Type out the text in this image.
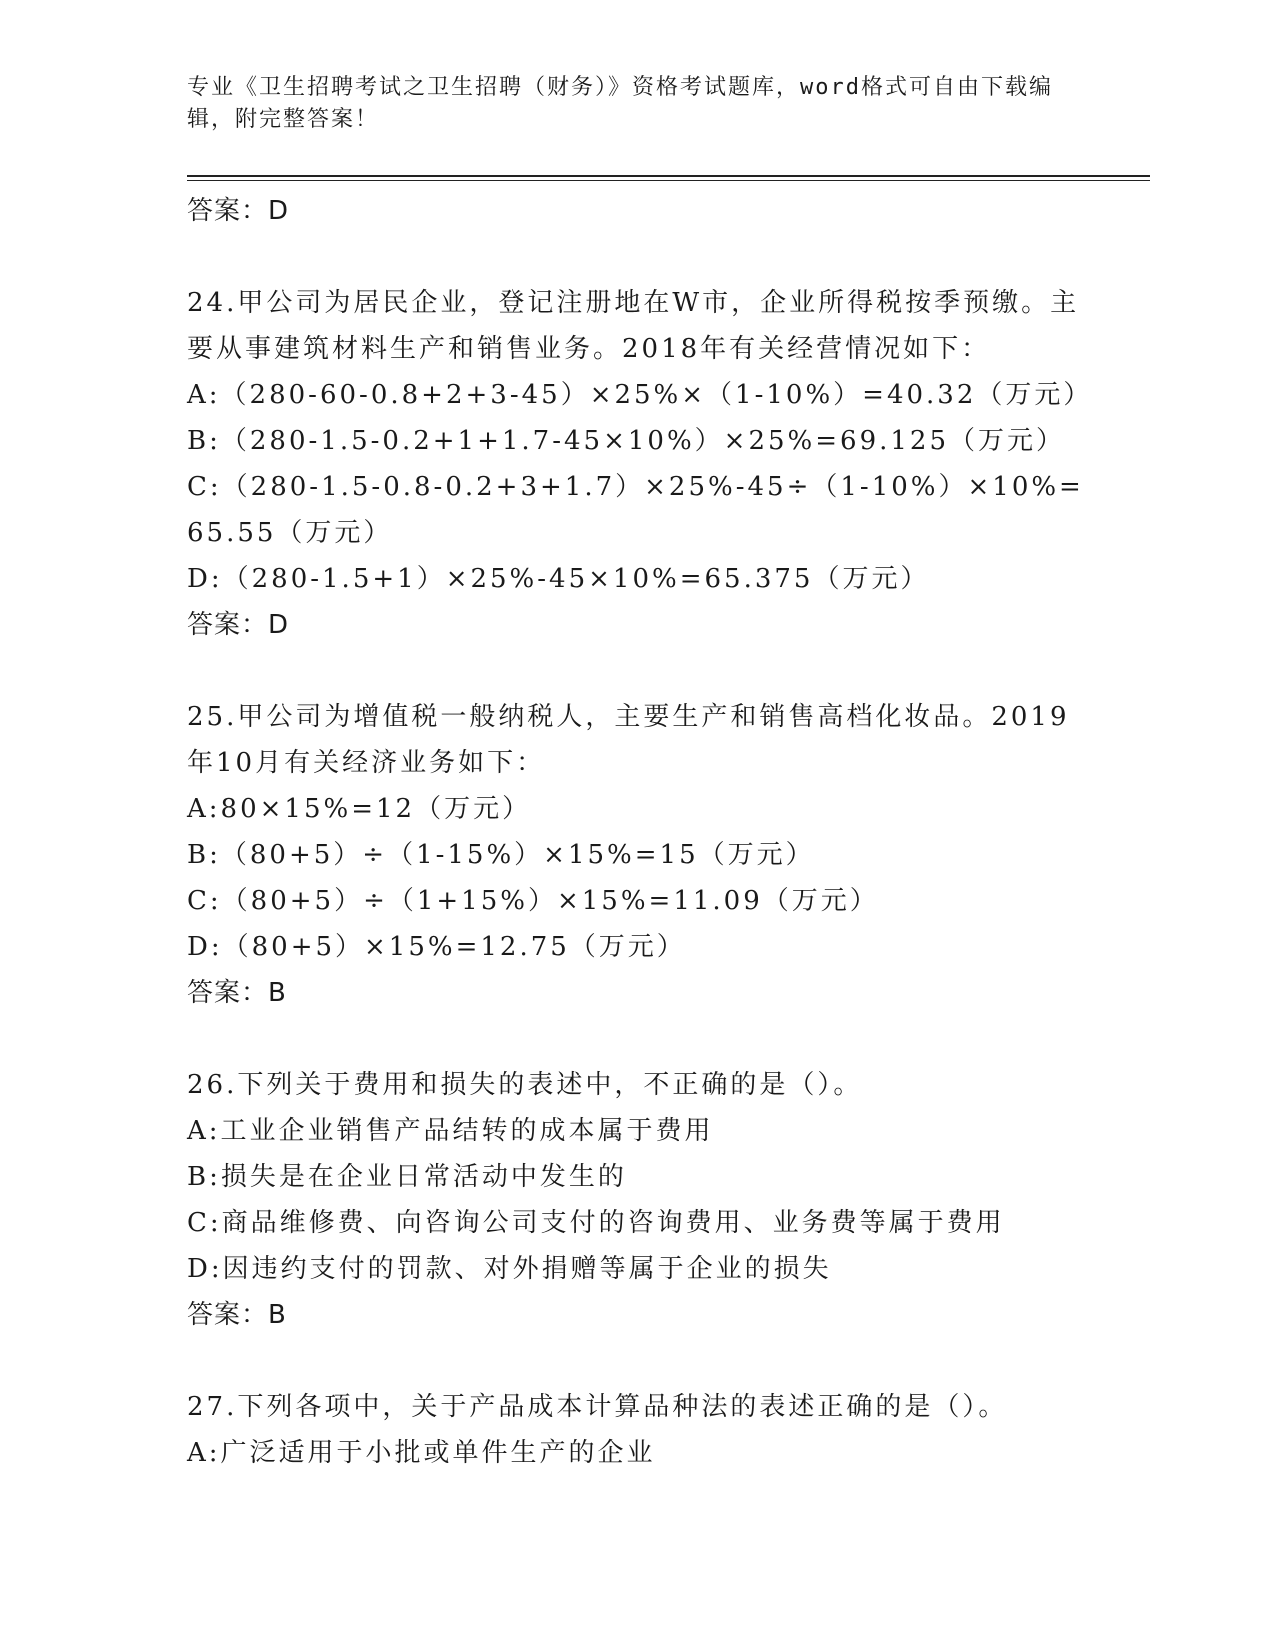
专业《卫生招聘考试之卫生招聘（财务）》资格考试题库，word格式可自由下载编辑，附完整答案！

答案：D

24.甲公司为居民企业，登记注册地在W市，企业所得税按季预缴。主要从事建筑材料生产和销售业务。2018年有关经营情况如下：

A:（280-60-0.8+2+3-45）×25%×（1-10%）=40.32（万元）

B:（280-1.5-0.2+1+1.7-45×10%）×25%=69.125（万元）

C:（280-1.5-0.8-0.2+3+1.7）×25%-45÷（1-10%）×10%=65.55（万元）

D:（280-1.5+1）×25%-45×10%=65.375（万元）

答案：D

25.甲公司为增值税一般纳税人，主要生产和销售高档化妆品。2019年10月有关经济业务如下：

A:80×15%=12（万元）

B:（80+5）÷（1-15%）×15%=15（万元）

C:（80+5）÷（1+15%）×15%=11.09（万元）

D:（80+5）×15%=12.75（万元）

答案：B

26.下列关于费用和损失的表述中，不正确的是（）。

A:工业企业销售产品结转的成本属于费用

B:损失是在企业日常活动中发生的

C:商品维修费、向咨询公司支付的咨询费用、业务费等属于费用

D:因违约支付的罚款、对外捐赠等属于企业的损失

答案：B

27.下列各项中，关于产品成本计算品种法的表述正确的是（）。

A:广泛适用于小批或单件生产的企业
